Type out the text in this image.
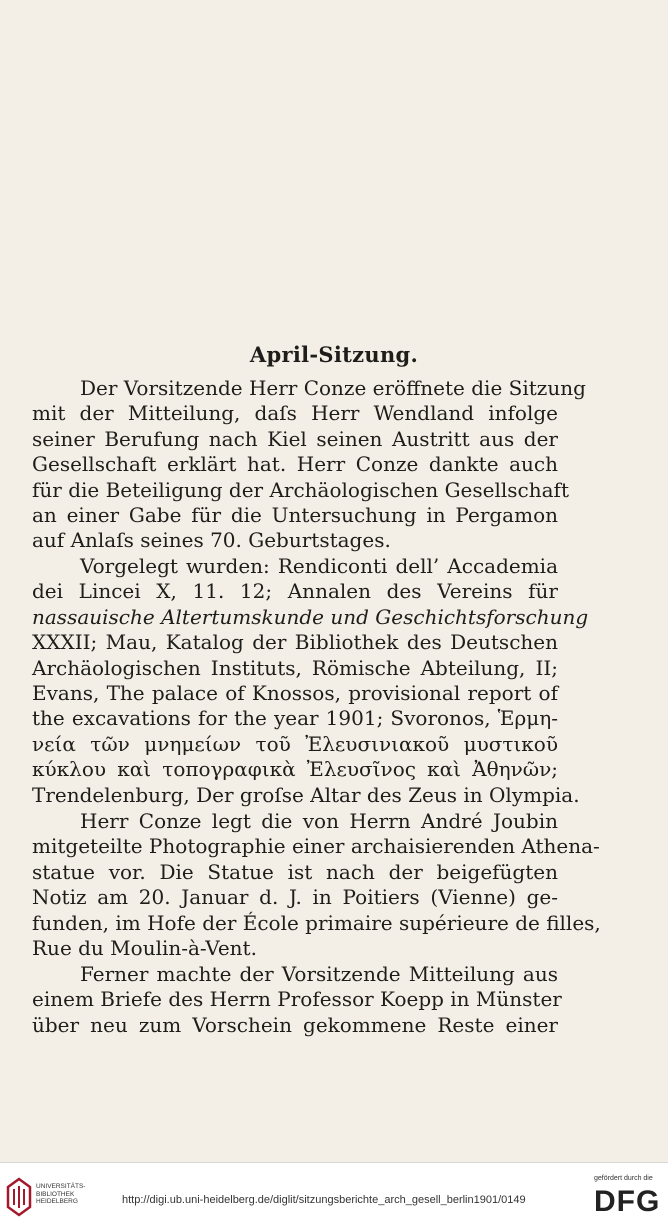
April-Sitzung.
Der Vorsitzende Herr Conze eröffnete die Sitzung
mit der Mitteilung, daſs Herr Wendland infolge
seiner Berufung nach Kiel seinen Austritt aus der
Gesellschaft erklärt hat. Herr Conze dankte auch
für die Beteiligung der Archäologischen Gesellschaft
an einer Gabe für die Untersuchung in Pergamon
auf Anlaſs seines 70. Geburtstages.
Vorgelegt wurden: Rendiconti dell’ Accademia
dei Lincei X, 11. 12; Annalen des Vereins für
nassauische Altertumskunde und Geschichtsforschung
XXXII; Mau, Katalog der Bibliothek des Deutschen
Archäologischen Instituts, Römische Abteilung, II;
Evans, The palace of Knossos, provisional report of
the excavations for the year 1901; Svoronos, Ἑρμη-
νεία τῶν μνημείων τοῦ Ἐλευσινιακοῦ μυστικοῦ
κύκλου καὶ τοπογραφικὰ Ἐλευσῖνος καὶ Ἀθηνῶν;
Trendelenburg, Der groſse Altar des Zeus in Olympia.
Herr Conze legt die von Herrn André Joubin
mitgeteilte Photographie einer archaisierenden Athena-
statue vor. Die Statue ist nach der beigefügten
Notiz am 20. Januar d. J. in Poitiers (Vienne) ge-
funden, im Hofe der École primaire supérieure de filles,
Rue du Moulin-à-Vent.
Ferner machte der Vorsitzende Mitteilung aus
einem Briefe des Herrn Professor Koepp in Münster
über neu zum Vorschein gekommene Reste einer
UNIVERSITÄTS-
BIBLIOTHEK
HEIDELBERG	http://digi.ub.uni-heidelberg.de/diglit/sitzungsberichte_arch_gesell_berlin1901/0149
gefördert durch die
DFG
